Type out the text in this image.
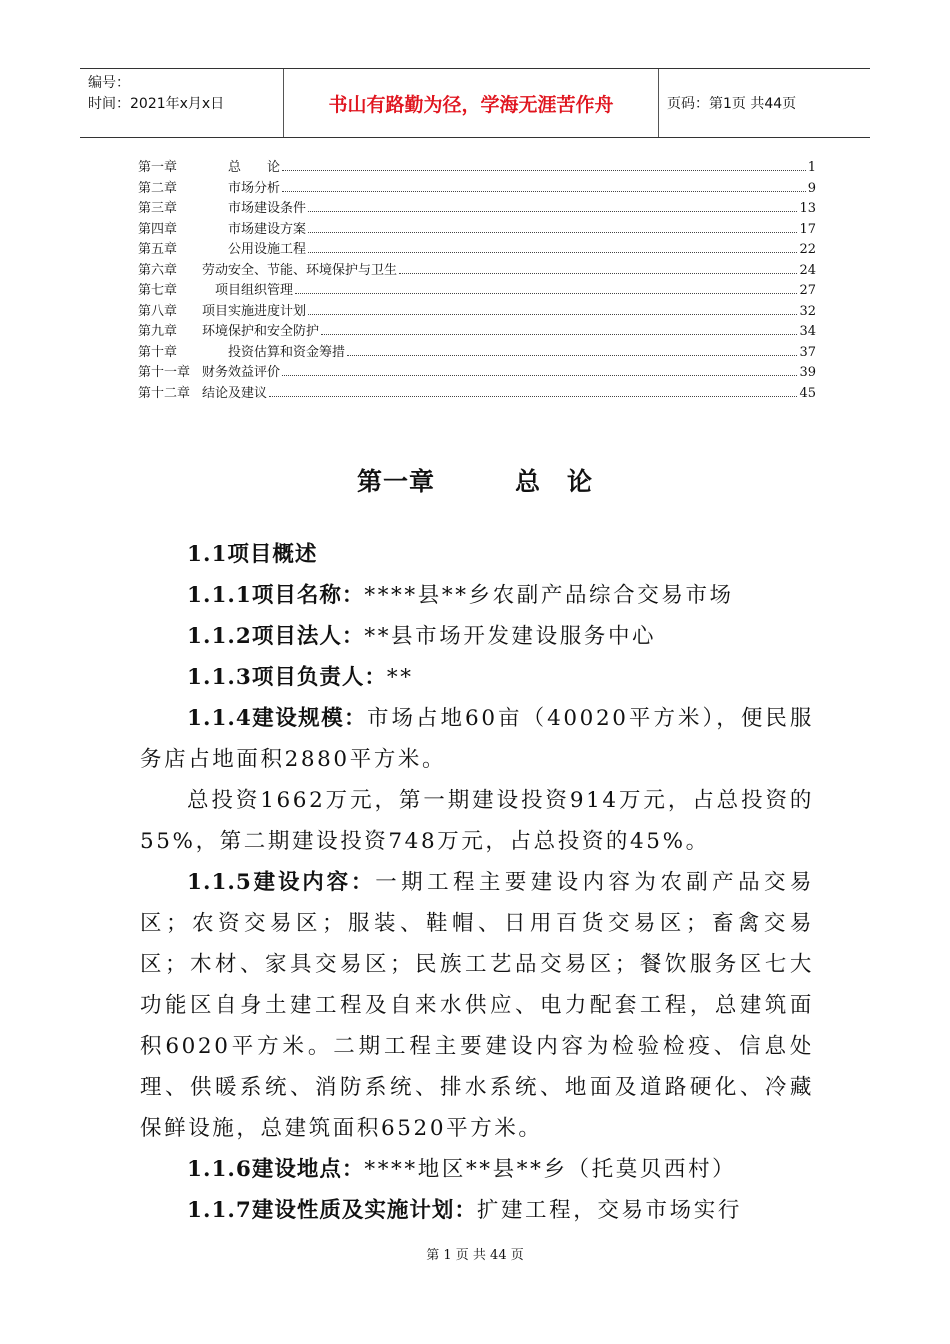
编号：
时间：2021年x月x日	书山有路勤为径，学海无涯苦作舟	页码：第1页 共44页
第一章	　　总　　论	1
第二章	　　市场分析	9
第三章	　　市场建设条件	13
第四章	　　市场建设方案	17
第五章	　　公用设施工程	22
第六章	劳动安全、节能、环境保护与卫生	24
第七章	　项目组织管理	27
第八章	项目实施进度计划	32
第九章	环境保护和安全防护	34
第十章	　　投资估算和资金筹措	37
第十一章 财务效益评价	39
第十二章 结论及建议	45
第一章	总　论
1.1项目概述

1.1.1项目名称：****县**乡农副产品综合交易市场

1.1.2项目法人：**县市场开发建设服务中心

1.1.3项目负责人：**

1.1.4建设规模：市场占地60亩（40020平方米），便民服务店占地面积2880平方米。

总投资1662万元，第一期建设投资914万元，占总投资的55%，第二期建设投资748万元，占总投资的45%。

1.1.5建设内容：一期工程主要建设内容为农副产品交易区；农资交易区；服装、鞋帽、日用百货交易区；畜禽交易区；木材、家具交易区；民族工艺品交易区；餐饮服务区七大功能区自身土建工程及自来水供应、电力配套工程，总建筑面积6020平方米。二期工程主要建设内容为检验检疫、信息处理、供暖系统、消防系统、排水系统、地面及道路硬化、冷藏保鲜设施，总建筑面积6520平方米。

1.1.6建设地点：****地区**县**乡（托莫贝西村）

1.1.7建设性质及实施计划：扩建工程，交易市场实行

第 1 页 共 44 页
